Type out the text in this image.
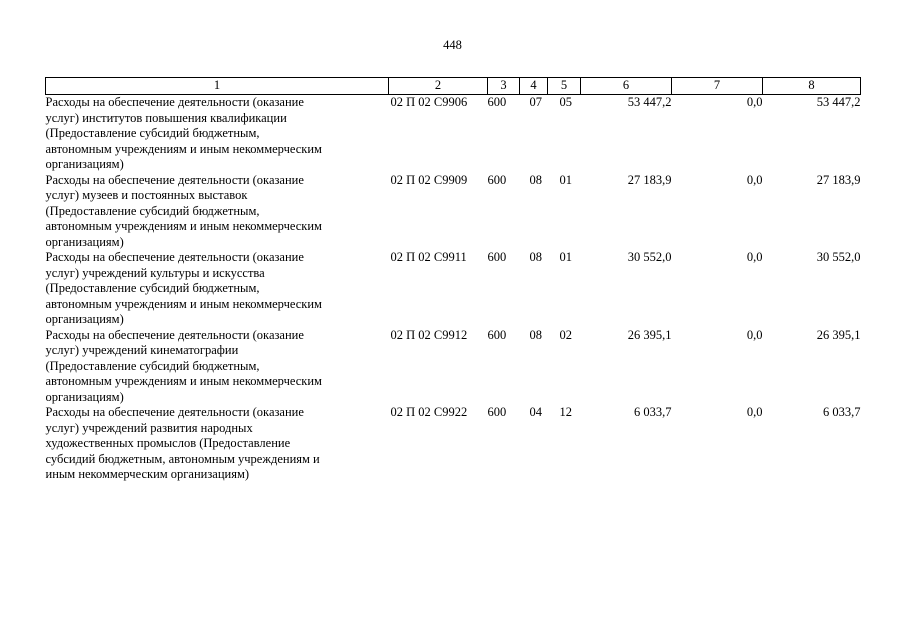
448
1	2	3	4	5	6	7	8

Расходы на обеспечение деятельности (оказание
услуг) институтов повышения квалификации
(Предоставление субсидий бюджетным,
автономным учреждениям и иным некоммерческим
организациям)	02 П 02 С9906	600	07	05	53 447,2	0,0	53 447,2

Расходы на обеспечение деятельности (оказание
услуг) музеев и постоянных выставок
(Предоставление субсидий бюджетным,
автономным учреждениям и иным некоммерческим
организациям)	02 П 02 С9909	600	08	01	27 183,9	0,0	27 183,9

Расходы на обеспечение деятельности (оказание
услуг) учреждений культуры и искусства
(Предоставление субсидий бюджетным,
автономным учреждениям и иным некоммерческим
организациям)	02 П 02 С9911	600	08	01	30 552,0	0,0	30 552,0

Расходы на обеспечение деятельности (оказание
услуг) учреждений кинематографии
(Предоставление субсидий бюджетным,
автономным учреждениям и иным некоммерческим
организациям)	02 П 02 С9912	600	08	02	26 395,1	0,0	26 395,1

Расходы на обеспечение деятельности (оказание
услуг) учреждений развития народных
художественных промыслов (Предоставление
субсидий бюджетным, автономным учреждениям и
иным некоммерческим организациям)	02 П 02 С9922	600	04	12	6 033,7	0,0	6 033,7
